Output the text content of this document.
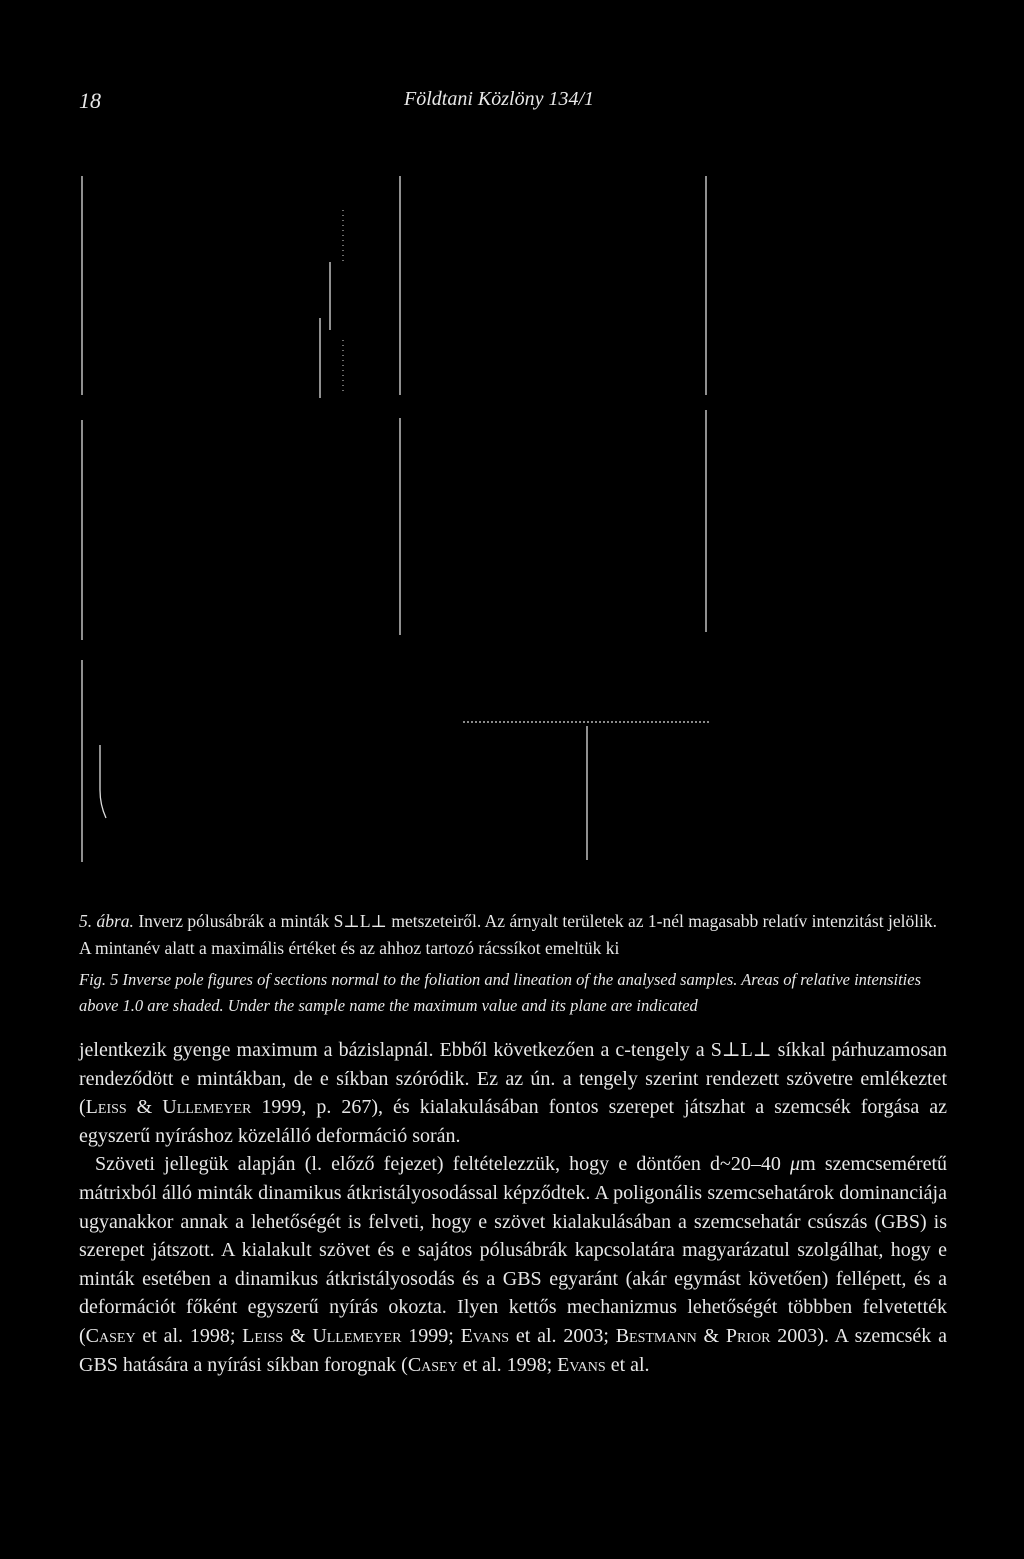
18	Földtani Közlöny 134/1
1.
1.
1.
1.
1
5. ábra. Inverz pólusábrák a minták S⊥L⊥ metszeteiről. Az árnyalt területek az 1-nél magasabb relatív intenzitást jelölik. A mintanév alatt a maximális értéket és az ahhoz tartozó rácssíkot emeltük ki
Fig. 5 Inverse pole figures of sections normal to the foliation and lineation of the analysed samples. Areas of relative intensities above 1.0 are shaded. Under the sample name the maximum value and its plane are indicated

jelentkezik gyenge maximum a bázislapnál. Ebből következően a c-tengely a S⊥L⊥ síkkal párhuzamosan rendeződött e mintákban, de e síkban szóródik. Ez az ún. a tengely szerint rendezett szövetre emlékeztet (Leiss & Ullemeyer 1999, p. 267), és kialakulásában fontos szerepet játszhat a szemcsék forgása az egyszerű nyíráshoz közelálló deformáció során.

Szöveti jellegük alapján (l. előző fejezet) feltételezzük, hogy e döntően d~20–40 μm szemcseméretű mátrixból álló minták dinamikus átkristályosodással képződtek. A poligonális szemcsehatárok dominanciája ugyanakkor annak a lehetőségét is felveti, hogy e szövet kialakulásában a szemcsehatár csúszás (GBS) is szerepet játszott. A kialakult szövet és e sajátos pólusábrák kapcsolatára magyarázatul szolgálhat, hogy e minták esetében a dinamikus átkristályosodás és a GBS egyaránt (akár egymást követően) fellépett, és a deformációt főként egyszerű nyírás okozta. Ilyen kettős mechanizmus lehetőségét többben felvetették (Casey et al. 1998; Leiss & Ullemeyer 1999; Evans et al. 2003; Bestmann & Prior 2003). A szemcsék a GBS hatására a nyírási síkban forognak (Casey et al. 1998; Evans et al.
